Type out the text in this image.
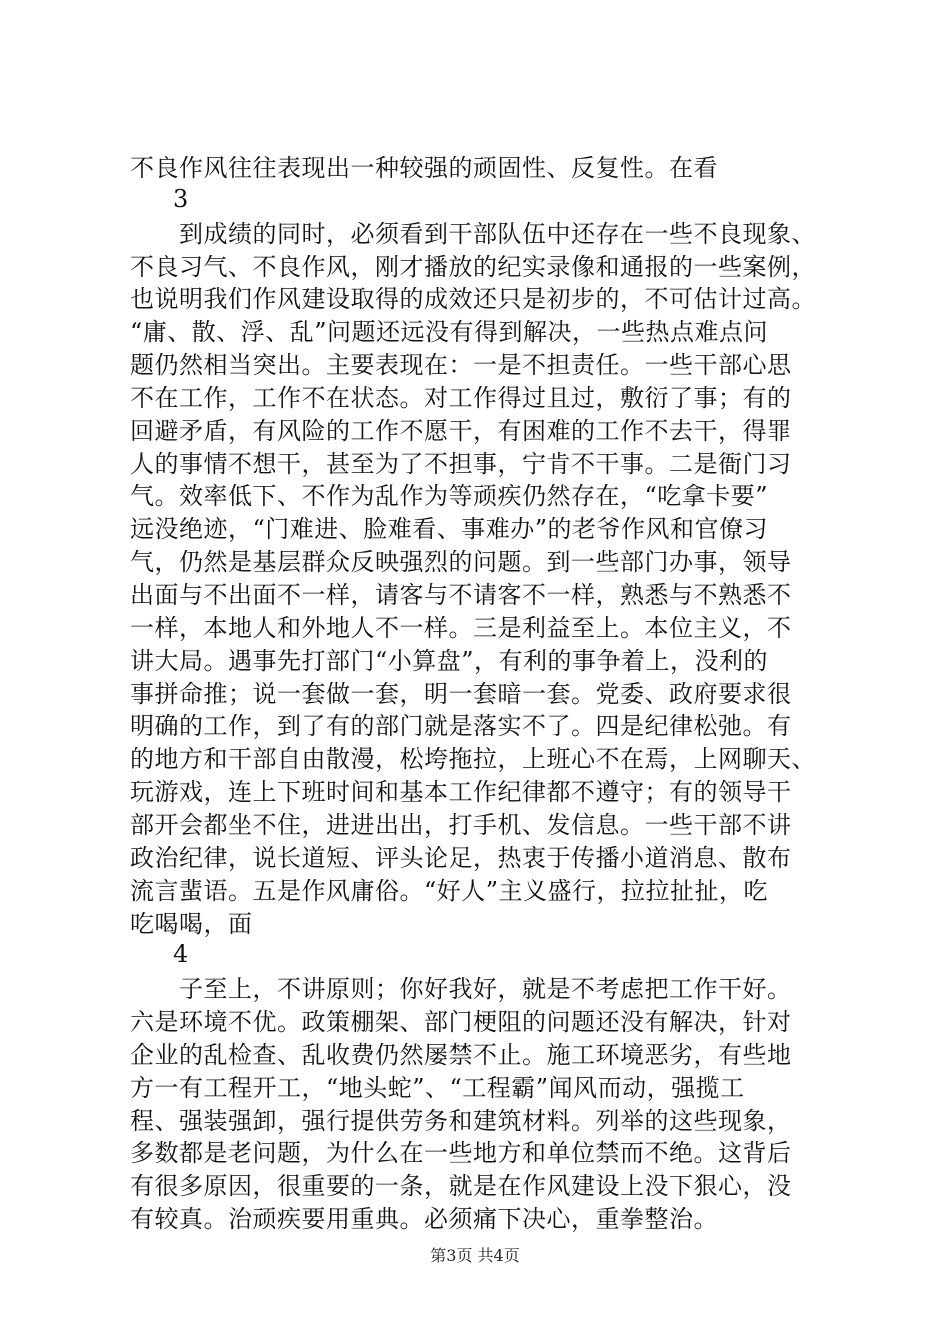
不良作风往往表现出一种较强的顽固性、反复性。在看
3
　　到成绩的同时，必须看到干部队伍中还存在一些不良现象、
不良习气、不良作风，刚才播放的纪实录像和通报的一些案例，
也说明我们作风建设取得的成效还只是初步的，不可估计过高。
“庸、散、浮、乱”问题还远没有得到解决，一些热点难点问
题仍然相当突出。主要表现在：一是不担责任。一些干部心思
不在工作，工作不在状态。对工作得过且过，敷衍了事；有的
回避矛盾，有风险的工作不愿干，有困难的工作不去干，得罪
人的事情不想干，甚至为了不担事，宁肯不干事。二是衙门习
气。效率低下、不作为乱作为等顽疾仍然存在，“吃拿卡要”
远没绝迹，“门难进、脸难看、事难办”的老爷作风和官僚习
气，仍然是基层群众反映强烈的问题。到一些部门办事，领导
出面与不出面不一样，请客与不请客不一样，熟悉与不熟悉不
一样，本地人和外地人不一样。三是利益至上。本位主义，不
讲大局。遇事先打部门“小算盘”，有利的事争着上，没利的
事拼命推；说一套做一套，明一套暗一套。党委、政府要求很
明确的工作，到了有的部门就是落实不了。四是纪律松弛。有
的地方和干部自由散漫，松垮拖拉，上班心不在焉，上网聊天、
玩游戏，连上下班时间和基本工作纪律都不遵守；有的领导干
部开会都坐不住，进进出出，打手机、发信息。一些干部不讲
政治纪律，说长道短、评头论足，热衷于传播小道消息、散布
流言蜚语。五是作风庸俗。“好人”主义盛行，拉拉扯扯，吃
吃喝喝，面
4
　　子至上，不讲原则；你好我好，就是不考虑把工作干好。
六是环境不优。政策棚架、部门梗阻的问题还没有解决，针对
企业的乱检查、乱收费仍然屡禁不止。施工环境恶劣，有些地
方一有工程开工，“地头蛇”、“工程霸”闻风而动，强揽工
程、强装强卸，强行提供劳务和建筑材料。列举的这些现象，
多数都是老问题，为什么在一些地方和单位禁而不绝。这背后
有很多原因，很重要的一条，就是在作风建设上没下狠心，没
有较真。治顽疾要用重典。必须痛下决心，重拳整治。
第3页 共4页
